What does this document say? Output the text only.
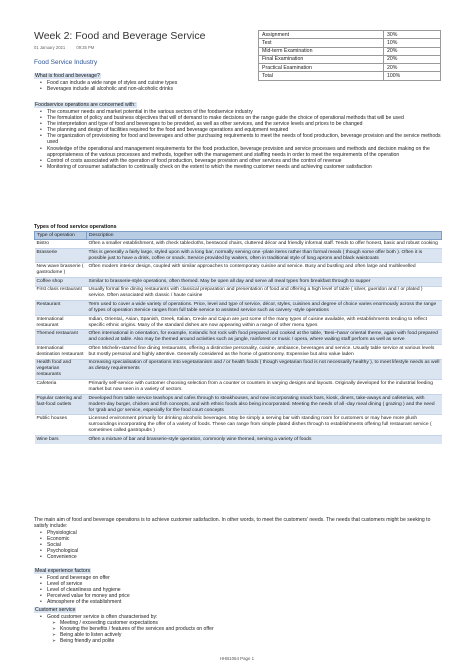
Week 2: Food and Beverage Service
01 January 2021	09:25 PM
Food Service Industry
Assignment	30%
Test	10%
Mid-term Examination	20%
Final Examination	20%
Practical Examination	20%
Total	100%
What is food and beverage?
• Food can include a wide range of styles and cuisine types
• Beverages include all alcoholic and non-alcoholic drinks
Foodservice operations are concerned with:
• The consumer needs and market potential in the various sectors of the foodservice industry
• The formulation of policy and business objectives that will of demand to make decisions on the range guide the choice of operational methods that will be used
• The interpretation and type of food and beverages to be provided, as well as other services, and the service levels and prices to be changed
• The planning and design of facilities required for the food and beverage operations and equipment required
• The organization of provisioning for food and beverages and other purchasing requirements to meet the needs of food production, beverage provision and the service methods used
• Knowledge of the operational and management requirements for the food production, beverage provision and service processes and methods and decision making on the appropriateness of the various processes and methods, together with the management and staffing needs in order to meet the requirements of the operation
• Control of costs associated with the operation of food production, beverage provision and other services and the control of revenue
• Monitoring of consumer satisfaction to continually check on the extent to which the meeting customer needs and achieving customer satisfaction
Types of food service operations
Type of operation	Description
Bistro	Often a smaller establishment, with check tablecloths, bentwood chairs, cluttered décor and friendly informal staff. Tends to offer honest, basic and robust cooking
Brasserie	This is generally a fairly large, styled upon with a long bar, normally serving one -plate items rather than formal meals ( though some offer both ). Often it is possible just to have a drink, coffee or snack. Service provided by waiters, often in traditional style of long aprons and black waistcoats
New wave brasserie ( gastrodome )	Often modern interior design, coupled with similar approaches to contemporary cuisine and service. Busy and bustling and often large and multilevelled
Coffee shop	Similar to brasserie-style operations, often themed. May be open all day and serve all meal types from breakfast through to supper
First class restaurant	Usually formal fine dining restaurants with classical preparation and presentation of food and offering a high level of table ( silver, gueridon and / or plated ) service. Often associated with classic / haute cuisine
Restaurant	Term used to cover a wide variety of operations. Price, level and type of service, décor, styles, cuisines and degree of choice varies enormously across the range of types of operation Service ranges from full table service to assisted service such as carvery -style operations
International restaurant	Indian, Oriental,, Asian, Spanish, Greek, Italian, Creole and Cajun are just some of the many types of cuisine available, with establishments tending to reflect specific ethnic origins. Many of the standard dishes are now appearing within a range of other menu types
Themed restaurant	Often international in orientation, for example, Icelandic hot rock with food prepared and cooked at the table, 'Beni–hana' oriental theme, again with food prepared and cooked at table. Also may be themed around activities such as jungle, rainforest or music / opera, where waiting staff perform as well as serve
International destination restaurant	Often Michelin-starred fine dining restaurants, offering a distinctive personality, cuisine, ambiance, beverages and service. Usually table service at various levels but mostly personal and highly attentive. Generally considered as the home of gastronomy. Expensive but also value laden
Health food and vegetarian restaurants	Increasing specialisation of operations into vegetarianism and / or health foods ( though vegetarian food is not necessarily healthy ), to meet lifestyle needs as well as dietary requirements
Cafeteria	Primarily self-service with customer choosing selection from a counter or counters in varying designs and layouts. Originally developed for the industrial feeding market but now seen in a variety of sectors
Popular catering and fast-food outlets	Developed from table service teashops and cafes through to steakhouses, and now incorporating snack bars, kiosk, diners, take-aways and cafeterias, with modern-day burger, chicken and fish concepts, and with ethnic foods also being incorporated. Meeting the needs of all -day meal dining ( grazing ) and the need for 'grab and go' service, especially for the food court concepts
Public houses	Licensed environment primarily for drinking alcoholic beverages. May be simply a serving bar with standing room for customers or may have more plush surroundings incorporating the offer of a variety of foods. These can range from simple plated dishes through to establishments offering full restaurant service ( sometimes called gastropubs )
Wine bars	Often a mixture of bar and brasserie-style operation, commonly wine themed, serving a variety of foods
The main aim of food and beverage operations is to achieve customer satisfaction. In other words, to meet the customers' needs. The needs that customers might be seeking to satisfy include:
• Physiological
• Economic
• Social
• Psychological
• Convenience
Meal experience factors
• Food and beverage on offer
• Level of service
• Level of cleanliness and hygiene
• Perceived value for money and price
• Atmosphere of the establishment
Customer service
• Good customer service is often characterised by:
➢ Meeting / exceeding customer expectations
➢ Knowing the benefits / features of the services and products on offer
➢ Being able to listen actively
➢ Being friendly and polite
HHB1064 Page 1
